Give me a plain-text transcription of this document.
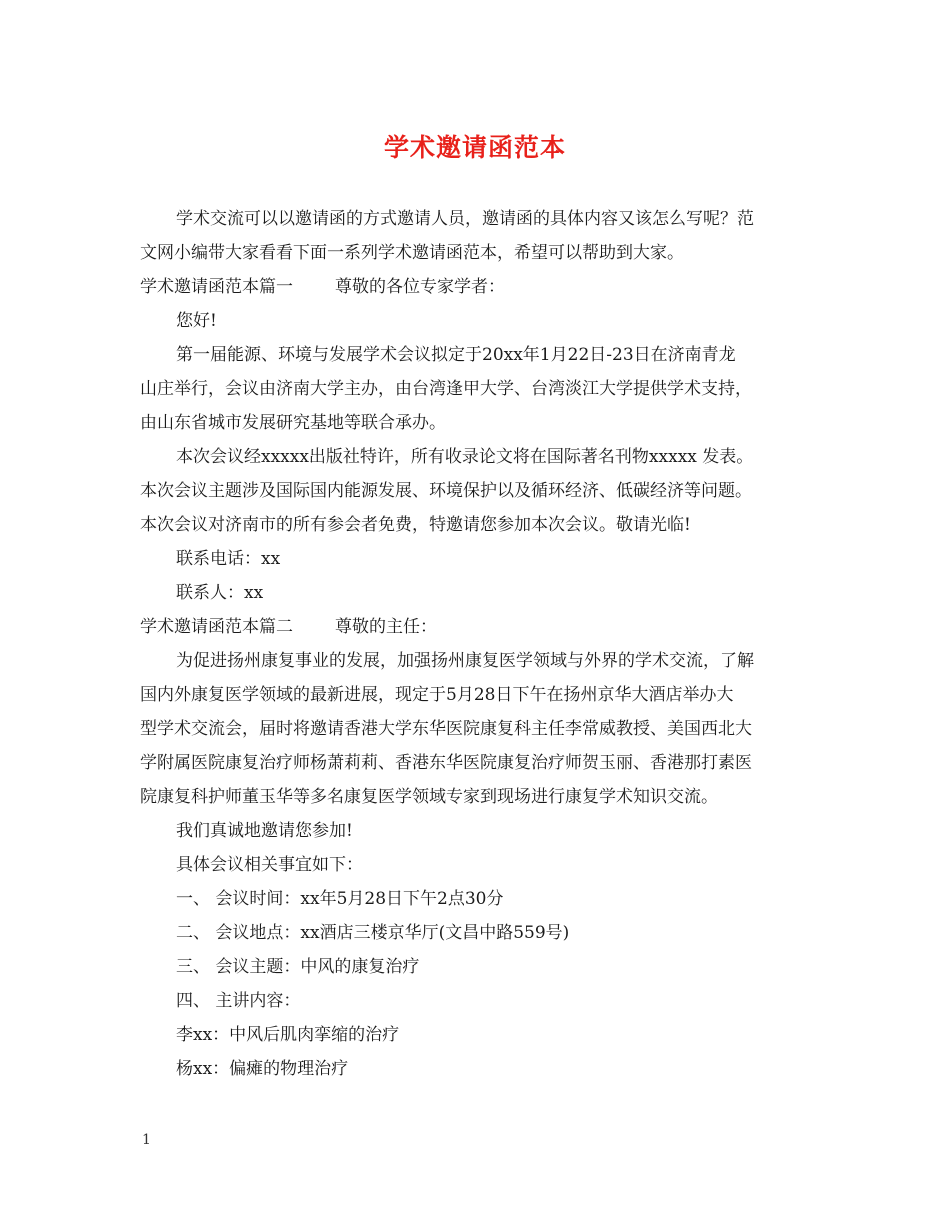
学术邀请函范本

学术交流可以以邀请函的方式邀请人员，邀请函的具体内容又该怎么写呢？范

文网小编带大家看看下面一系列学术邀请函范本，希望可以帮助到大家。

学术邀请函范本篇一 尊敬的各位专家学者：

您好!

第一届能源、环境与发展学术会议拟定于20xx年1月22日-23日在济南青龙

山庄举行，会议由济南大学主办，由台湾逢甲大学、台湾淡江大学提供学术支持，

由山东省城市发展研究基地等联合承办。

本次会议经xxxxx出版社特许，所有收录论文将在国际著名刊物xxxxx 发表。

本次会议主题涉及国际国内能源发展、环境保护以及循环经济、低碳经济等问题。

本次会议对济南市的所有参会者免费，特邀请您参加本次会议。敬请光临!

联系电话：xx

联系人：xx

学术邀请函范本篇二 尊敬的主任：

为促进扬州康复事业的发展，加强扬州康复医学领域与外界的学术交流，了解

国内外康复医学领域的最新进展，现定于5月28日下午在扬州京华大酒店举办大

型学术交流会，届时将邀请香港大学东华医院康复科主任李常威教授、美国西北大

学附属医院康复治疗师杨萧莉莉、香港东华医院康复治疗师贺玉丽、香港那打素医

院康复科护师董玉华等多名康复医学领域专家到现场进行康复学术知识交流。

我们真诚地邀请您参加!

具体会议相关事宜如下：

一、 会议时间：xx年5月28日下午2点30分

二、 会议地点：xx酒店三楼京华厅(文昌中路559号)

三、 会议主题：中风的康复治疗

四、 主讲内容：

李xx：中风后肌肉挛缩的治疗

杨xx：偏瘫的物理治疗

1
